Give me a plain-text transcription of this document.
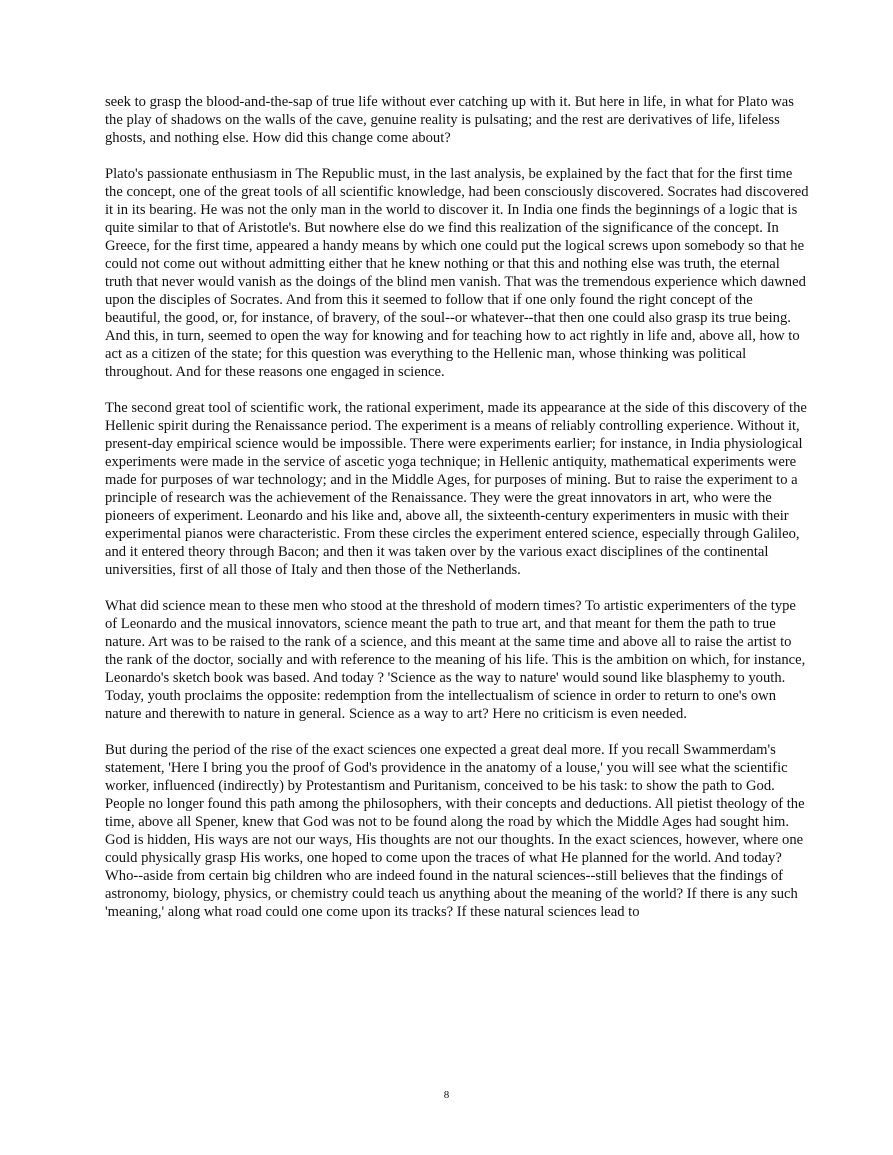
seek to grasp the blood-and-the-sap of true life without ever catching up with it. But here in life, in what for Plato was the play of shadows on the walls of the cave, genuine reality is pulsating; and the rest are derivatives of life, lifeless ghosts, and nothing else. How did this change come about?

Plato's passionate enthusiasm in The Republic must, in the last analysis, be explained by the fact that for the first time the concept, one of the great tools of all scientific knowledge, had been consciously discovered. Socrates had discovered it in its bearing. He was not the only man in the world to discover it. In India one finds the beginnings of a logic that is quite similar to that of Aristotle's. But nowhere else do we find this realization of the significance of the concept. In Greece, for the first time, appeared a handy means by which one could put the logical screws upon somebody so that he could not come out without admitting either that he knew nothing or that this and nothing else was truth, the eternal truth that never would vanish as the doings of the blind men vanish. That was the tremendous experience which dawned upon the disciples of Socrates. And from this it seemed to follow that if one only found the right concept of the beautiful, the good, or, for instance, of bravery, of the soul--or whatever--that then one could also grasp its true being. And this, in turn, seemed to open the way for knowing and for teaching how to act rightly in life and, above all, how to act as a citizen of the state; for this question was everything to the Hellenic man, whose thinking was political throughout. And for these reasons one engaged in science.

The second great tool of scientific work, the rational experiment, made its appearance at the side of this discovery of the Hellenic spirit during the Renaissance period. The experiment is a means of reliably controlling experience. Without it, present-day empirical science would be impossible. There were experiments earlier; for instance, in India physiological experiments were made in the service of ascetic yoga technique; in Hellenic antiquity, mathematical experiments were made for purposes of war technology; and in the Middle Ages, for purposes of mining. But to raise the experiment to a principle of research was the achievement of the Renaissance. They were the great innovators in art, who were the pioneers of experiment. Leonardo and his like and, above all, the sixteenth-century experimenters in music with their experimental pianos were characteristic. From these circles the experiment entered science, especially through Galileo, and it entered theory through Bacon; and then it was taken over by the various exact disciplines of the continental universities, first of all those of Italy and then those of the Netherlands.

What did science mean to these men who stood at the threshold of modern times? To artistic experimenters of the type of Leonardo and the musical innovators, science meant the path to true art, and that meant for them the path to true nature. Art was to be raised to the rank of a science, and this meant at the same time and above all to raise the artist to the rank of the doctor, socially and with reference to the meaning of his life. This is the ambition on which, for instance, Leonardo's sketch book was based. And today ? 'Science as the way to nature' would sound like blasphemy to youth. Today, youth proclaims the opposite: redemption from the intellectualism of science in order to return to one's own nature and therewith to nature in general. Science as a way to art? Here no criticism is even needed.

But during the period of the rise of the exact sciences one expected a great deal more. If you recall Swammerdam's statement, 'Here I bring you the proof of God's providence in the anatomy of a louse,' you will see what the scientific worker, influenced (indirectly) by Protestantism and Puritanism, conceived to be his task: to show the path to God. People no longer found this path among the philosophers, with their concepts and deductions. All pietist theology of the time, above all Spener, knew that God was not to be found along the road by which the Middle Ages had sought him. God is hidden, His ways are not our ways, His thoughts are not our thoughts. In the exact sciences, however, where one could physically grasp His works, one hoped to come upon the traces of what He planned for the world. And today? Who--aside from certain big children who are indeed found in the natural sciences--still believes that the findings of astronomy, biology, physics, or chemistry could teach us anything about the meaning of the world? If there is any such 'meaning,' along what road could one come upon its tracks? If these natural sciences lead to

8
